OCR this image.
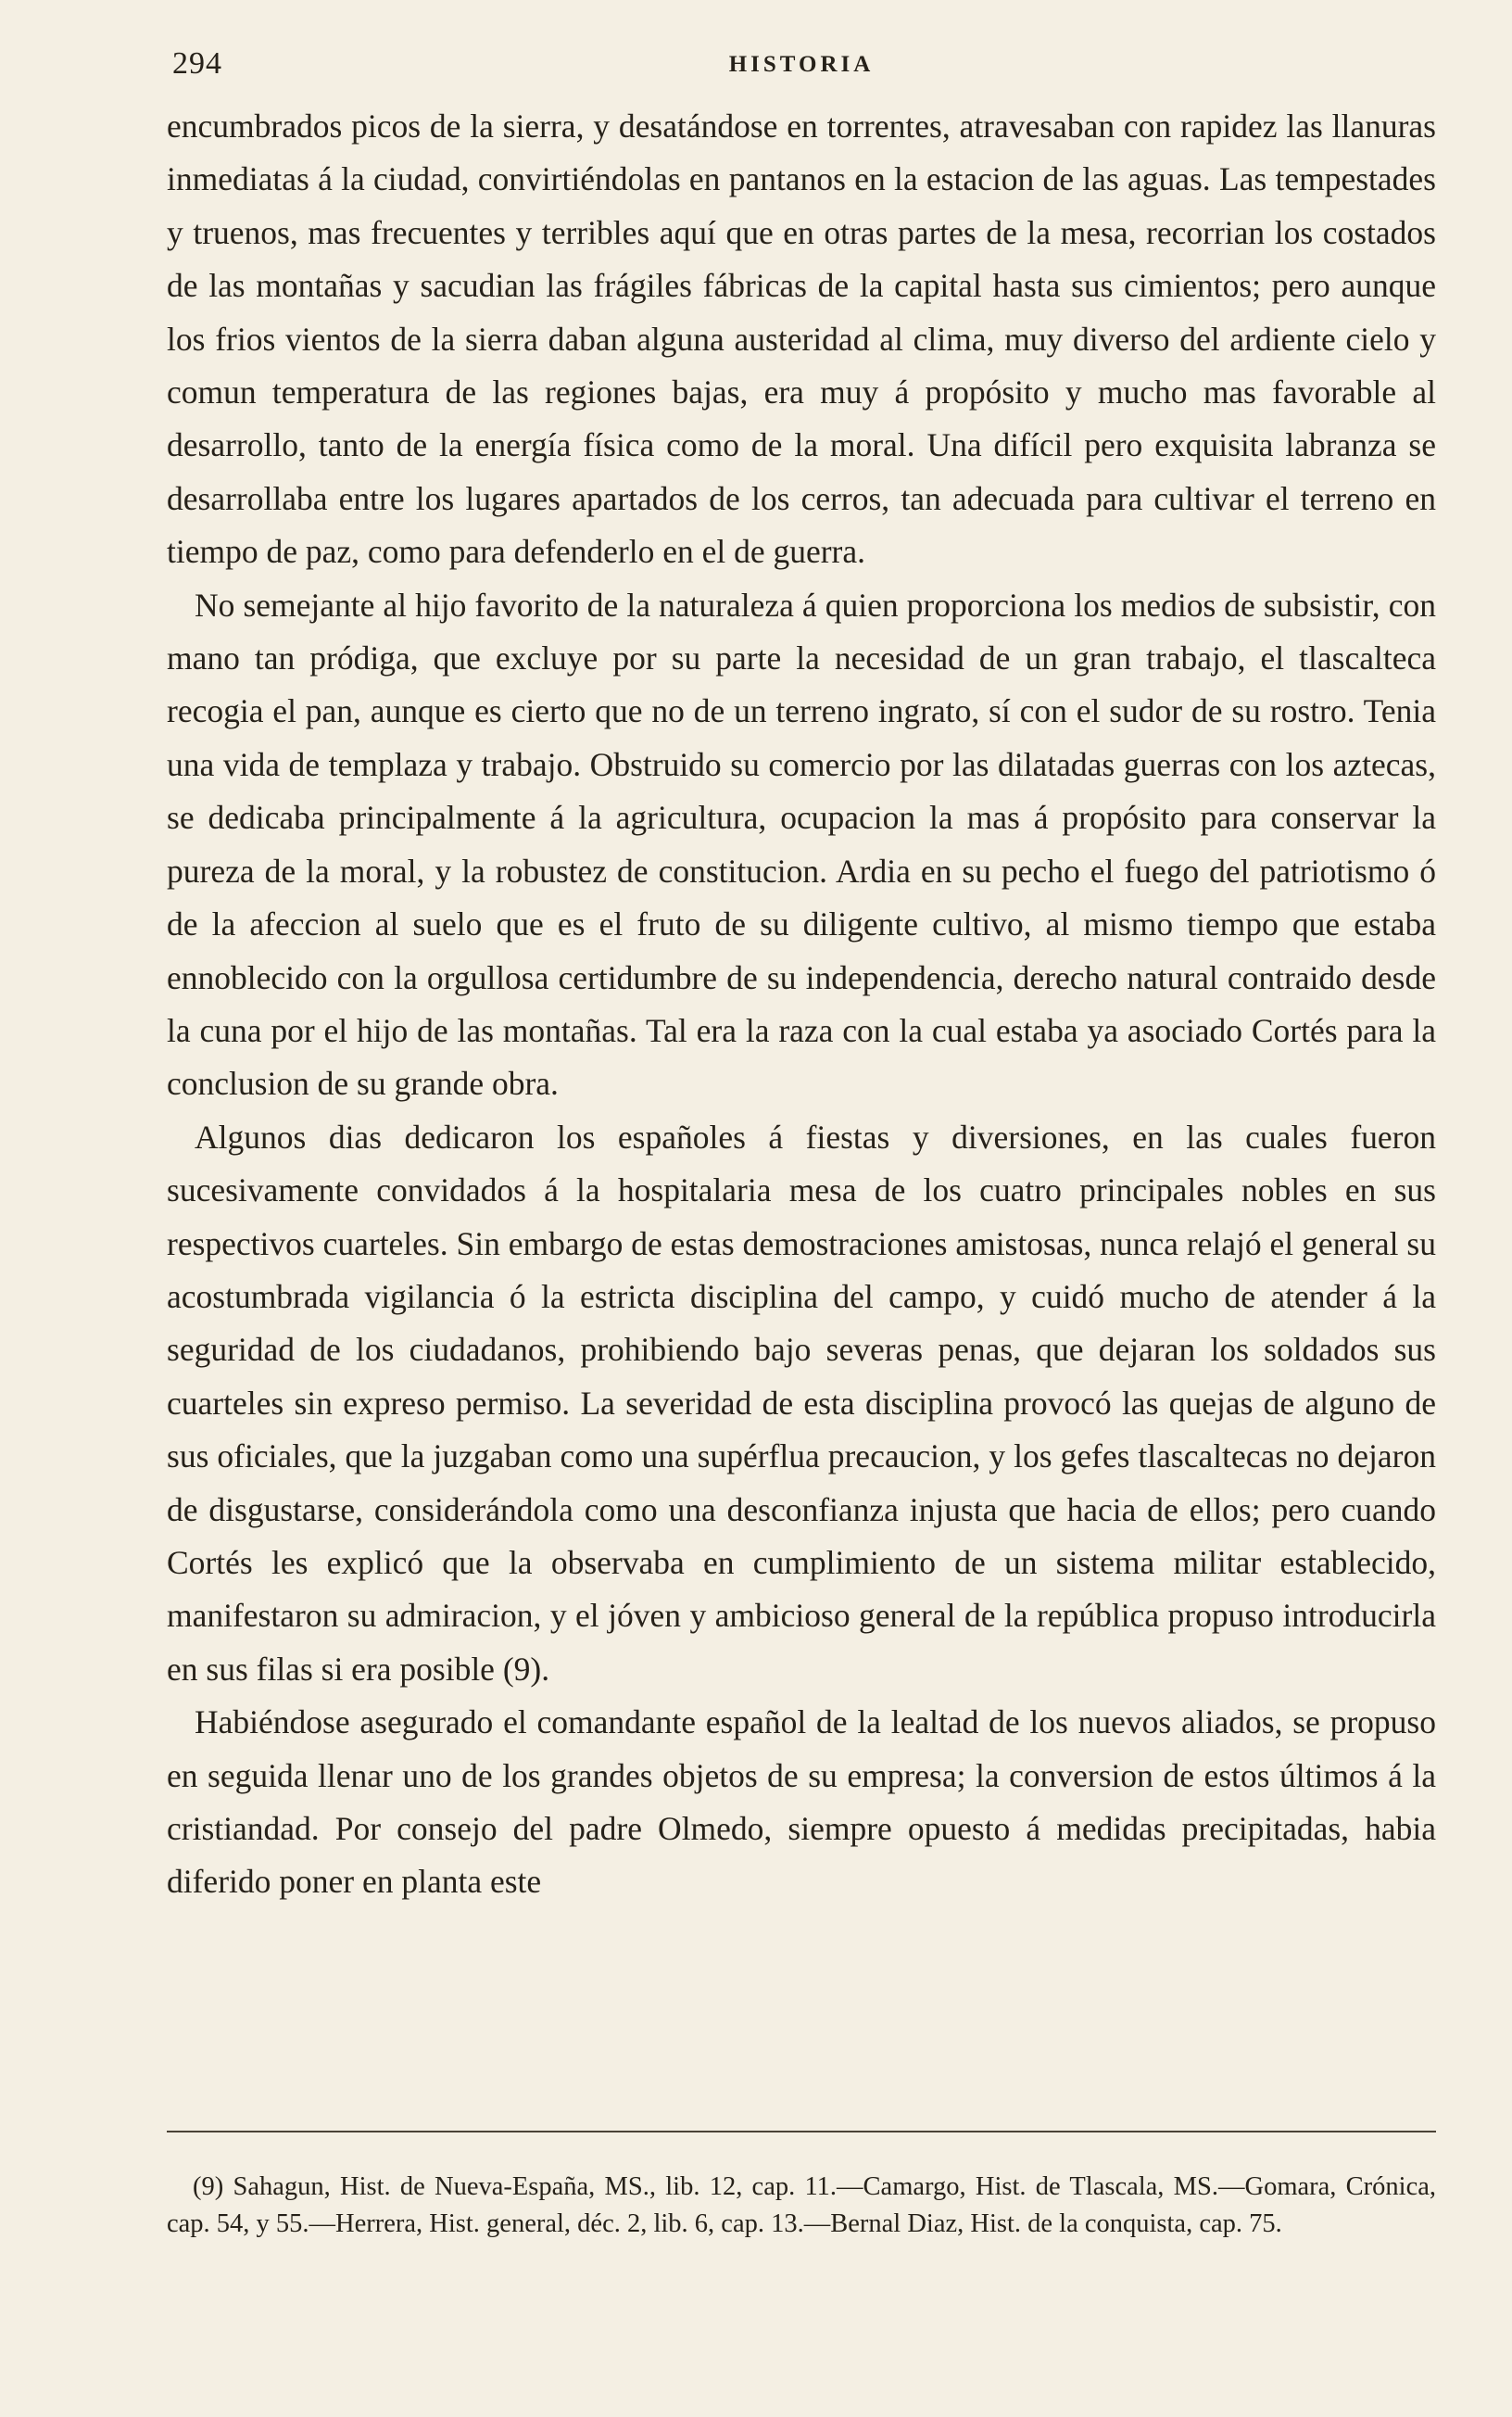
294	HISTORIA

encumbrados picos de la sierra, y desatándose en torrentes, atravesaban con rapidez las llanuras inmediatas á la ciudad, convirtiéndolas en pantanos en la estacion de las aguas. Las tempestades y truenos, mas frecuentes y terribles aquí que en otras partes de la mesa, recorrian los costados de las montañas y sacudian las frágiles fábricas de la capital hasta sus cimientos; pero aunque los frios vientos de la sierra daban alguna austeridad al clima, muy diverso del ardiente cielo y comun temperatura de las regiones bajas, era muy á propósito y mucho mas favorable al desarrollo, tanto de la energía física como de la moral. Una difícil pero exquisita labranza se desarrollaba entre los lugares apartados de los cerros, tan adecuada para cultivar el terreno en tiempo de paz, como para defenderlo en el de guerra.

No semejante al hijo favorito de la naturaleza á quien proporciona los medios de subsistir, con mano tan pródiga, que excluye por su parte la necesidad de un gran trabajo, el tlascalteca recogia el pan, aunque es cierto que no de un terreno ingrato, sí con el sudor de su rostro. Tenia una vida de templaza y trabajo. Obstruido su comercio por las dilatadas guerras con los aztecas, se dedicaba principalmente á la agricultura, ocupacion la mas á propósito para conservar la pureza de la moral, y la robustez de constitucion. Ardia en su pecho el fuego del patriotismo ó de la afeccion al suelo que es el fruto de su diligente cultivo, al mismo tiempo que estaba ennoblecido con la orgullosa certidumbre de su independencia, derecho natural contraido desde la cuna por el hijo de las montañas. Tal era la raza con la cual estaba ya asociado Cortés para la conclusion de su grande obra.

Algunos dias dedicaron los españoles á fiestas y diversiones, en las cuales fueron sucesivamente convidados á la hospitalaria mesa de los cuatro principales nobles en sus respectivos cuarteles. Sin embargo de estas demostraciones amistosas, nunca relajó el general su acostumbrada vigilancia ó la estricta disciplina del campo, y cuidó mucho de atender á la seguridad de los ciudadanos, prohibiendo bajo severas penas, que dejaran los soldados sus cuarteles sin expreso permiso. La severidad de esta disciplina provocó las quejas de alguno de sus oficiales, que la juzgaban como una supérflua precaucion, y los gefes tlascaltecas no dejaron de disgustarse, considerándola como una desconfianza injusta que hacia de ellos; pero cuando Cortés les explicó que la observaba en cumplimiento de un sistema militar establecido, manifestaron su admiracion, y el jóven y ambicioso general de la república propuso introducirla en sus filas si era posible (9).

Habiéndose asegurado el comandante español de la lealtad de los nuevos aliados, se propuso en seguida llenar uno de los grandes objetos de su empresa; la conversion de estos últimos á la cristiandad. Por consejo del padre Olmedo, siempre opuesto á medidas precipitadas, habia diferido poner en planta este

(9) Sahagun, Hist. de Nueva-España, MS., lib. 12, cap. 11.—Camargo, Hist. de Tlascala, MS.—Gomara, Crónica, cap. 54, y 55.—Herrera, Hist. general, déc. 2, lib. 6, cap. 13.—Bernal Diaz, Hist. de la conquista, cap. 75.
